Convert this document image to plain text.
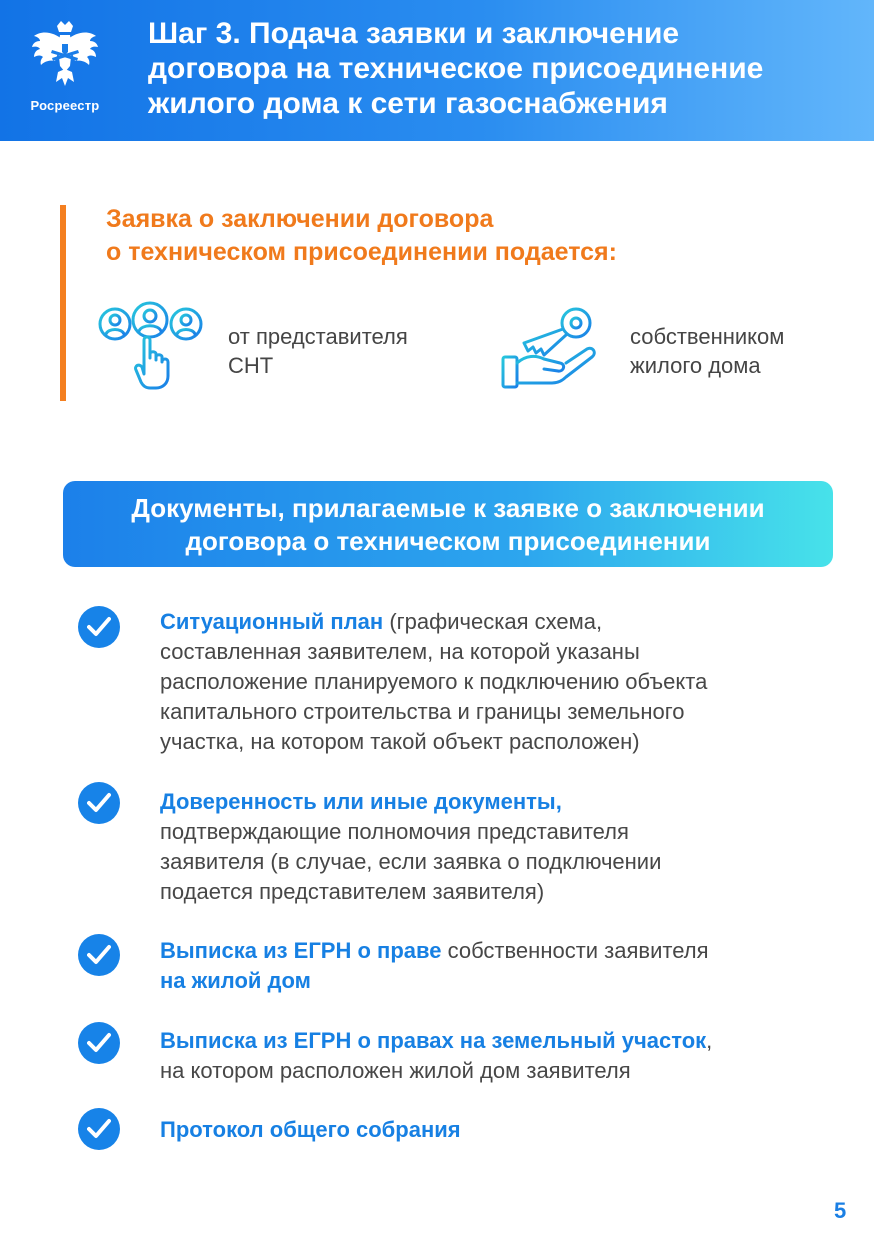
Росреестр
Шаг 3. Подача заявки и заключение
договора на техническое присоединение
жилого дома к сети газоснабжения
Заявка о заключении договора
о техническом присоединении подается:
от представителя
СНТ
собственником
жилого дома
Документы, прилагаемые к заявке о заключении
договора о техническом присоединении
Ситуационный план (графическая схема,
составленная заявителем, на которой указаны
расположение планируемого к подключению объекта
капитального строительства и границы земельного
участка, на котором такой объект расположен)
Доверенность или иные документы,
подтверждающие полномочия представителя
заявителя (в случае, если заявка о подключении
подается представителем заявителя)
Выписка из ЕГРН о праве собственности заявителя
на жилой дом
Выписка из ЕГРН о правах на земельный участок,
на котором расположен жилой дом заявителя
Протокол общего собрания
5
